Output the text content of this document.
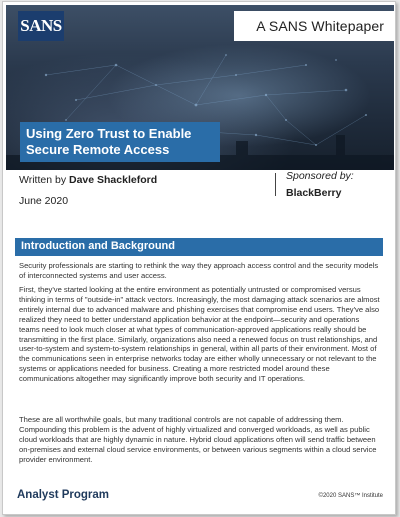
SANS	A SANS Whitepaper
Using Zero Trust to Enable
Secure Remote Access
Written by Dave Shackleford
June 2020
Sponsored by:
BlackBerry
Introduction and Background

Security professionals are starting to rethink the way they approach access control and the security models of interconnected systems and user access.

First, they've started looking at the entire environment as potentially untrusted or compromised versus thinking in terms of "outside-in" attack vectors. Increasingly, the most damaging attack scenarios are almost entirely internal due to advanced malware and phishing exercises that compromise end users. They've also realized they need to better understand application behavior at the endpoint—security and operations teams need to look much closer at what types of communication-approved applications really should be transmitting in the first place. Similarly, organizations also need a renewed focus on trust relationships, and user-to-system and system-to-system relationships in general, within all parts of their environment. Most of the communications seen in enterprise networks today are either wholly unnecessary or not relevant to the systems or applications needed for business. Creating a more restricted model around these communications altogether may significantly improve both security and IT operations.

These are all worthwhile goals, but many traditional controls are not capable of addressing them. Compounding this problem is the advent of highly virtualized and converged workloads, as well as public cloud workloads that are highly dynamic in nature. Hybrid cloud applications often will send traffic between on-premises and external cloud service environments, or between various segments within a cloud service provider environment.

Analyst Program	©2020 SANS™ Institute
